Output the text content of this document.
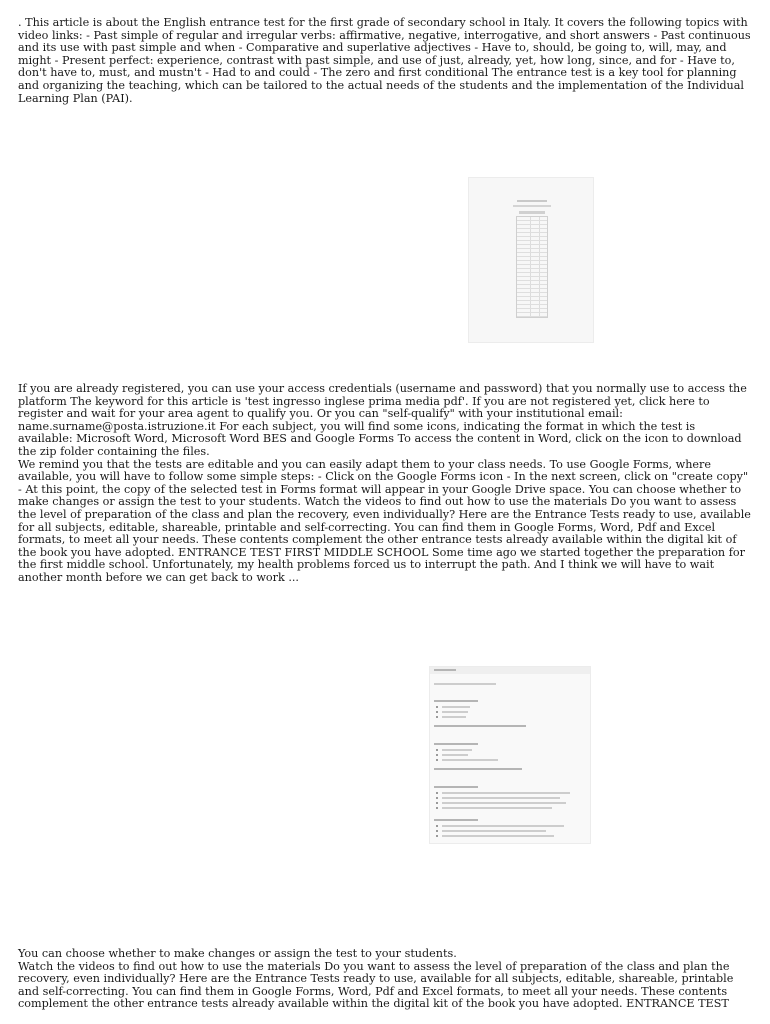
. This article is about the English entrance test for the first grade of secondary school in Italy. It covers the following topics with video links: - Past simple of regular and irregular verbs: affirmative, negative, interrogative, and short answers - Past continuous and its use with past simple and when - Comparative and superlative adjectives - Have to, should, be going to, will, may, and might - Present perfect: experience, contrast with past simple, and use of just, already, yet, how long, since, and for - Have to, don't have to, must, and mustn't - Had to and could - The zero and first conditional The entrance test is a key tool for planning and organizing the teaching, which can be tailored to the actual needs of the students and the implementation of the Individual Learning Plan (PAI).

If you are already registered, you can use your access credentials (username and password) that you normally use to access the platform The keyword for this article is 'test ingresso inglese prima media pdf'. If you are not registered yet, click here to register and wait for your area agent to qualify you. Or you can "self-qualify" with your institutional email: name.surname@posta.istruzione.it For each subject, you will find some icons, indicating the format in which the test is available: Microsoft Word, Microsoft Word BES and Google Forms To access the content in Word, click on the icon to download the zip folder containing the files.
We remind you that the tests are editable and you can easily adapt them to your class needs. To use Google Forms, where available, you will have to follow some simple steps: - Click on the Google Forms icon - In the next screen, click on "create copy" - At this point, the copy of the selected test in Forms format will appear in your Google Drive space. You can choose whether to make changes or assign the test to your students. Watch the videos to find out how to use the materials Do you want to assess the level of preparation of the class and plan the recovery, even individually? Here are the Entrance Tests ready to use, available for all subjects, editable, shareable, printable and self-correcting. You can find them in Google Forms, Word, Pdf and Excel formats, to meet all your needs. These contents complement the other entrance tests already available within the digital kit of the book you have adopted. ENTRANCE TEST FIRST MIDDLE SCHOOL Some time ago we started together the preparation for the first middle school. Unfortunately, my health problems forced us to interrupt the path. And I think we will have to wait another month before we can get back to work ...

You can choose whether to make changes or assign the test to your students.
Watch the videos to find out how to use the materials Do you want to assess the level of preparation of the class and plan the recovery, even individually? Here are the Entrance Tests ready to use, available for all subjects, editable, shareable, printable and self-correcting. You can find them in Google Forms, Word, Pdf and Excel formats, to meet all your needs. These contents complement the other entrance tests already available within the digital kit of the book you have adopted. ENTRANCE TEST
